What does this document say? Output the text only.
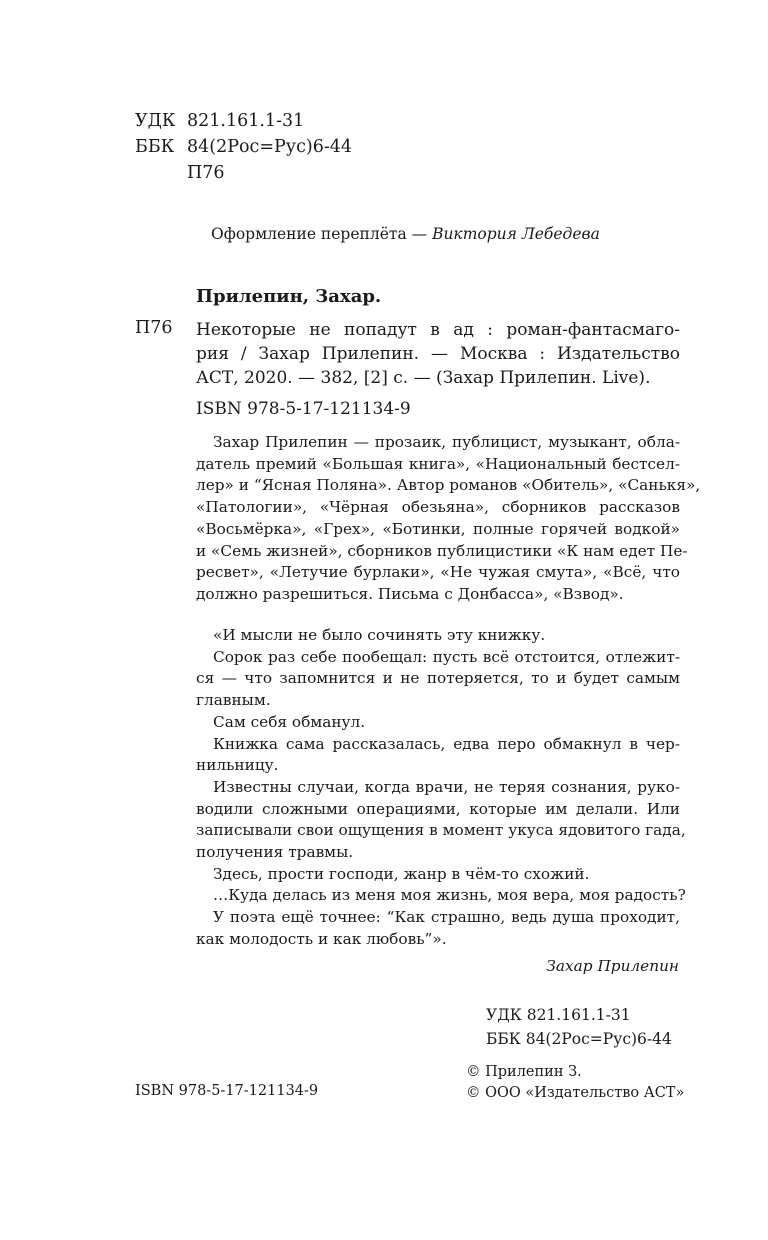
УДК 821.161.1-31
ББК 84(2Рос=Рус)6-44
П76
Оформление переплёта — Виктория Лебедева
Прилепин, Захар.
П76 Некоторые не попадут в ад : роман-фантасмаго-
рия / Захар Прилепин. — Москва : Издательство
АСТ, 2020. — 382, [2] с. — (Захар Прилепин. Live).
ISBN 978-5-17-121134-9
Захар Прилепин — прозаик, публицист, музыкант, обла-
датель премий «Большая книга», «Национальный бестсел-
лер» и “Ясная Поляна». Автор романов «Обитель», «Санькя»,
«Патологии», «Чёрная обезьяна», сборников рассказов
«Восьмёрка», «Грех», «Ботинки, полные горячей водкой»
и «Семь жизней», сборников публицистики «К нам едет Пе-
ресвет», «Летучие бурлаки», «Не чужая смута», «Всё, что
должно разрешиться. Письма с Донбасса», «Взвод».
«И мысли не было сочинять эту книжку.
Сорок раз себе пообещал: пусть всё отстоится, отлежит-
ся — что запомнится и не потеряется, то и будет самым
главным.
Сам себя обманул.
Книжка сама рассказалась, едва перо обмакнул в чер-
нильницу.
Известны случаи, когда врачи, не теряя сознания, руко-
водили сложными операциями, которые им делали. Или
записывали свои ощущения в момент укуса ядовитого гада,
получения травмы.
Здесь, прости господи, жанр в чём-то схожий.
…Куда делась из меня моя жизнь, моя вера, моя радость?
У поэта ещё точнее: “Как страшно, ведь душа проходит,
как молодость и как любовь”».
Захар Прилепин
УДК 821.161.1-31
ББК 84(2Рос=Рус)6-44
© Прилепин З.
© ООО «Издательство АСТ»
ISBN 978-5-17-121134-9
